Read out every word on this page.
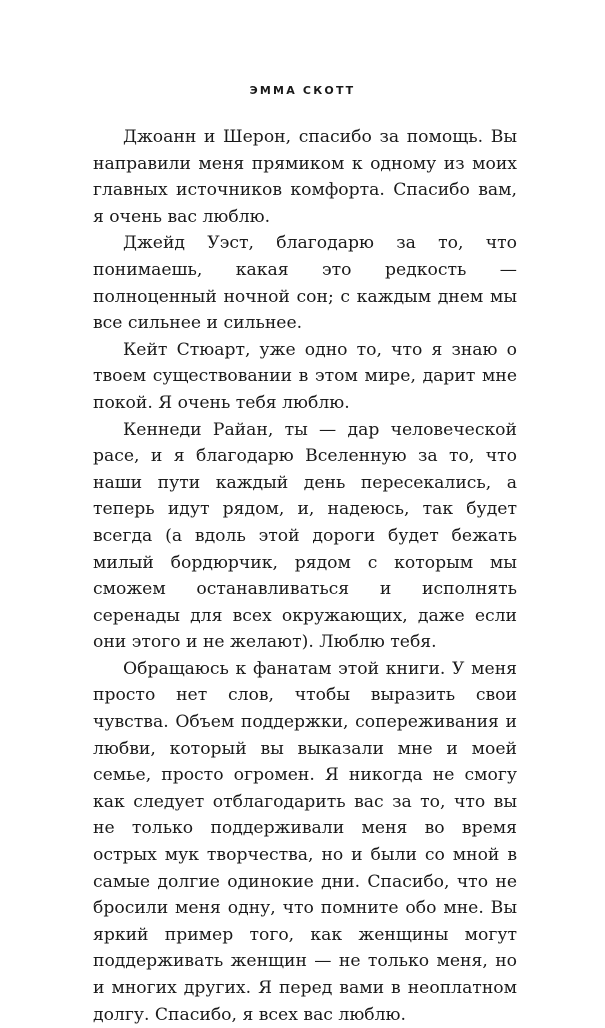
ЭММА СКОТТ

Джоанн и Шерон, спасибо за помощь. Вы направили меня прямиком к одному из моих главных источников комфорта. Спасибо вам, я очень вас люблю.

Джейд Уэст, благодарю за то, что понимаешь, какая это редкость — полноценный ночной сон; с каждым днем мы все сильнее и сильнее.

Кейт Стюарт, уже одно то, что я знаю о твоем существовании в этом мире, дарит мне покой. Я очень тебя люблю.

Кеннеди Райан, ты — дар человеческой расе, и я благодарю Вселенную за то, что наши пути каждый день пересекались, а теперь идут рядом, и, надеюсь, так будет всегда (а вдоль этой дороги будет бежать милый бордюрчик, рядом с которым мы сможем останавливаться и исполнять серенады для всех окружающих, даже если они этого и не желают). Люблю тебя.

Обращаюсь к фанатам этой книги. У меня просто нет слов, чтобы выразить свои чувства. Объем поддержки, сопереживания и любви, который вы выказали мне и моей семье, просто огромен. Я никогда не смогу как следует отблагодарить вас за то, что вы не только поддерживали меня во время острых мук творчества, но и были со мной в самые долгие одинокие дни. Спасибо, что не бросили меня одну, что помните обо мне. Вы яркий пример того, как женщины могут поддерживать женщин — не только меня, но и многих других. Я перед вами в неоплатном долгу. Спасибо, я всех вас люблю.
